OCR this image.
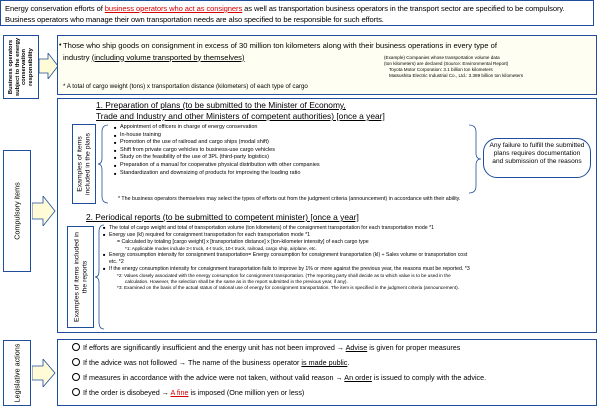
Energy conservation efforts of business operators who act as consigners as well as transportation business operators in the transport sector are specified to be compulsory. Business operators who manage their own transportation needs are also specified to be responsible for such efforts.
Business operators subject to the energy conservation responsibility
Compulsory items
Legislative actions
• Those who ship goods on consignment in excess of 30 million ton kilometers along with their business operations in every type of industry (including volume transported by themselves)
* A total of cargo weight (tons) x transportation distance (kilometers) of each type of cargo
(Example) Companies whose transportation volume data
(ton kilometers) are declared (Source: Environmental Report)
Toyota Motor Corporation: 3.1 billion ton kilometers
Matsushita Electric Industrial Co., Ltd.: 3.389 billion ton kilometers
1. Preparation of plans (to be submitted to the Minister of Economy,
Trade and Industry and other Ministers of competent authorities) [once a year]
Examples of items included in the plans
■ Appointment of officers in charge of energy conservation
■ In-house training
■ Promotion of the use of railroad and cargo ships (modal shift)
■ Shift from private cargo vehicles to business-use cargo vehicles
■ Study on the feasibility of the use of 3PL (third-party logistics)
■ Preparation of a manual for cooperative physical distribution with other companies
■ Standardization and downsizing of products for improving the loading ratio
* The business operators themselves may select the types of efforts out from the judgment criteria (announcement) in accordance with their ability.
Any failure to fulfill the submitted plans requires documentation and submission of the reasons
2. Periodical reports (to be submitted to competent minister) [once a year]
Examples of items included in the reports
■ The total of cargo weight and total of transportation volume (ton kilometers) of the consignment transportation for each transportation mode *1
■ Energy use (kl) required for consignment transportation for each transportation mode *1
= Calculated by totaling [cargo weight] x [transportation distance] x [ton-kilometer intensity] of each cargo type
*1: Applicable modes include 2-t truck, 4-t truck, 10-t truck, railroad, cargo ship, airplane, etc.
■ Energy consumption intensity for consignment transportation= Energy consumption for consignment transportation (kl) ÷ Sales volume or transportation cost
etc. *2
■ If the energy consumption intensity for consignment transportation fails to improve by 1% or more against the previous year, the reasons must be reported. *3
*2: Values closely associated with the energy consumption for consignment transportation. (The reporting party shall decide as to which value is to be used in the
calculation. However, the selection shall be the same as in the report submitted in the previous year, if any).
*3: Examined on the basis of the actual status of rational use of energy for consignment transportation. The item is specified in the judgment criteria (announcement).
If efforts are significantly insufficient and the energy unit has not been improved → Advise is given for proper measures
If the advice was not followed → The name of the business operator is made public.
If measures in accordance with the advice were not taken, without valid reason → An order is issued to comply with the advice.
If the order is disobeyed → A fine is imposed (One million yen or less)
